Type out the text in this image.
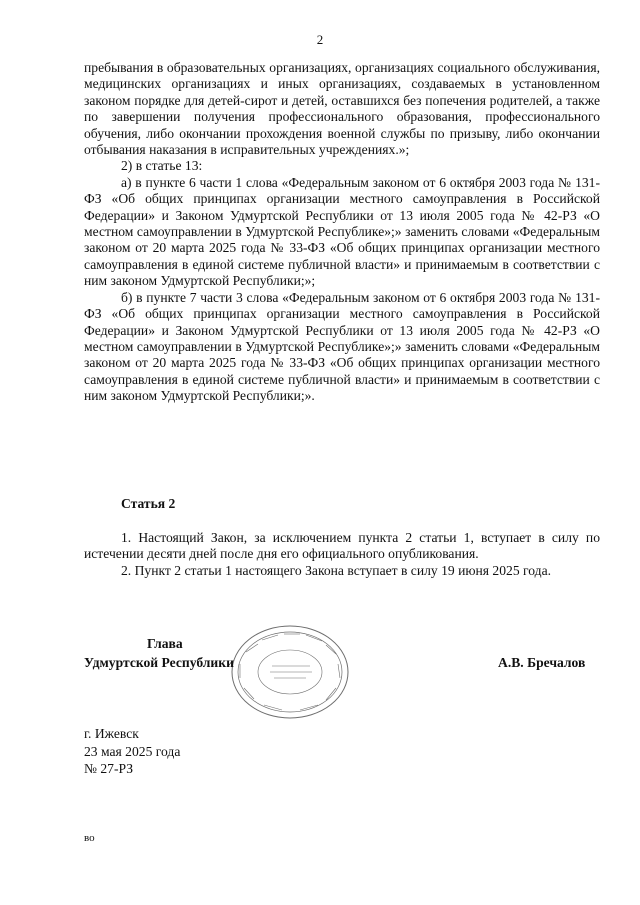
2

пребывания в образовательных организациях, организациях социального обслуживания, медицинских организациях и иных организациях, создаваемых в установленном законом порядке для детей-сирот и детей, оставшихся без попечения родителей, а также по завершении получения профессионального образования, профессионального обучения, либо окончании прохождения военной службы по призыву, либо окончании отбывания наказания в исправительных учреждениях.»;

2) в статье 13:

а) в пункте 6 части 1 слова «Федеральным законом от 6 октября 2003 года № 131-ФЗ «Об общих принципах организации местного самоуправления в Российской Федерации» и Законом Удмуртской Республики от 13 июля 2005 года № 42-РЗ «О местном самоуправлении в Удмуртской Республике»;» заменить словами «Федеральным законом от 20 марта 2025 года № 33-ФЗ «Об общих принципах организации местного самоуправления в единой системе публичной власти» и принимаемым в соответствии с ним законом Удмуртской Республики;»;

б) в пункте 7 части 3 слова «Федеральным законом от 6 октября 2003 года № 131-ФЗ «Об общих принципах организации местного самоуправления в Российской Федерации» и Законом Удмуртской Республики от 13 июля 2005 года № 42-РЗ «О местном самоуправлении в Удмуртской Республике»;» заменить словами «Федеральным законом от 20 марта 2025 года № 33-ФЗ «Об общих принципах организации местного самоуправления в единой системе публичной власти» и принимаемым в соответствии с ним законом Удмуртской Республики;».

Статья 2

1. Настоящий Закон, за исключением пункта 2 статьи 1, вступает в силу по истечении десяти дней после дня его официального опубликования.

2. Пункт 2 статьи 1 настоящего Закона вступает в силу 19 июня 2025 года.

Глава
Удмуртской Республики	А.В. Бречалов
г. Ижевск
23 мая 2025 года
№ 27-РЗ
во
